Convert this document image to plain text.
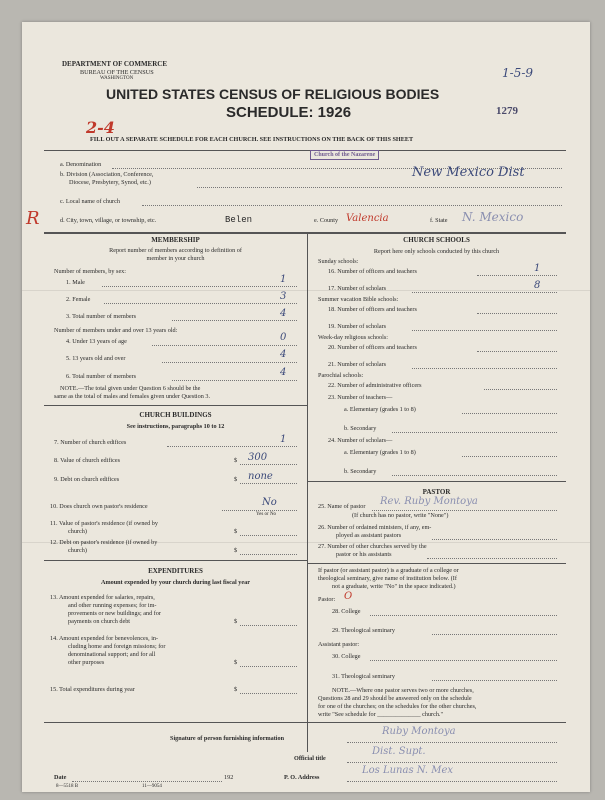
DEPARTMENT OF COMMERCE
BUREAU OF THE CENSUS
WASHINGTON
UNITED STATES CENSUS OF RELIGIOUS BODIES
SCHEDULE: 1926
1-5-9
1279
2-4
FILL OUT A SEPARATE SCHEDULE FOR EACH CHURCH. SEE INSTRUCTIONS ON THE BACK OF THIS SHEET
Church of the Nazarene
a. Denomination
b. Division (Association, Conference,
Diocese, Presbytery, Synod, etc.)
New Mexico Dist
c. Local name of church
d. City, town, village, or township, etc.	Belen	e. County Valencia	f. State N. Mexico
R
MEMBERSHIP
Report number of members according to definition of
member in your church
Number of members, by sex:
1. Male	1
2. Female	3
3. Total number of members	4
Number of members under and over 13 years old:
4. Under 13 years of age	0
5. 13 years old and over	4
6. Total number of members	4
NOTE.—The total given under Question 6 should be the
same as the total of males and females given under Question 3.
CHURCH BUILDINGS
See instructions, paragraphs 10 to 12
7. Number of church edifices	1
8. Value of church edifices	$ 300
9. Debt on church edifices	$ none
10. Does church own pastor's residence	No
Yes or No
11. Value of pastor's residence (if owned by
church)	$
12. Debt on pastor's residence (if owned by
church)	$
EXPENDITURES
Amount expended by your church during last fiscal year
13. Amount expended for salaries, repairs,
and other running expenses; for im-
provements or new buildings; and for
payments on church debt	$
14. Amount expended for benevolences, in-
cluding home and foreign missions; for
denominational support; and for all
other purposes	$
15. Total expenditures during year	$
CHURCH SCHOOLS
Report here only schools conducted by this church
Sunday schools:
16. Number of officers and teachers	1
17. Number of scholars	8
Summer vacation Bible schools:
18. Number of officers and teachers
19. Number of scholars
Week-day religious schools:
20. Number of officers and teachers
21. Number of scholars
Parochial schools:
22. Number of administrative officers
23. Number of teachers—
a. Elementary (grades 1 to 8)
b. Secondary
24. Number of scholars—
a. Elementary (grades 1 to 8)
b. Secondary
PASTOR
25. Name of pastor Rev. Ruby Montoya
(If church has no pastor, write "None")
26. Number of ordained ministers, if any, em-
ployed as assistant pastors
27. Number of other churches served by the
pastor or his assistants
If pastor (or assistant pastor) is a graduate of a college or
theological seminary, give name of institution below. (If
not a graduate, write "No" in the space indicated.)
Pastor: O
28. College
29. Theological seminary
Assistant pastor:
30. College
31. Theological seminary
NOTE.—Where one pastor serves two or more churches,
Questions 28 and 29 should be answered only on the schedule
for one of the churches; on the schedules for the other churches,
write "See schedule for ______________ church."
Signature of person furnishing information
Ruby Montoya
Official title
Dist. Supt.
Date	192	P. O. Address
Los Lunas N. Mex
8—5518 B	11—9054
